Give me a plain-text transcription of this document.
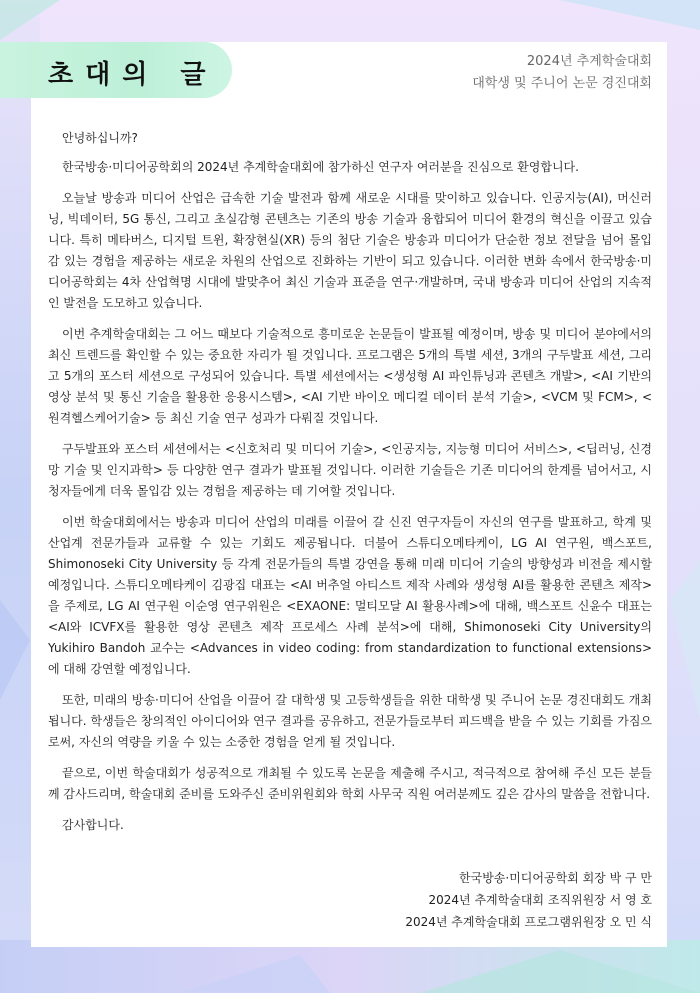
초대의 글	2024년 추계학술대회
대학생 및 주니어 논문 경진대회

안녕하십니까?

한국방송·미디어공학회의 2024년 추계학술대회에 참가하신 연구자 여러분을 진심으로 환영합니다.

오늘날 방송과 미디어 산업은 급속한 기술 발전과 함께 새로운 시대를 맞이하고 있습니다. 인공지능(AI), 머신러닝, 빅데이터, 5G 통신, 그리고 초실감형 콘텐츠는 기존의 방송 기술과 융합되어 미디어 환경의 혁신을 이끌고 있습니다. 특히 메타버스, 디지털 트윈, 확장현실(XR) 등의 첨단 기술은 방송과 미디어가 단순한 정보 전달을 넘어 몰입감 있는 경험을 제공하는 새로운 차원의 산업으로 진화하는 기반이 되고 있습니다. 이러한 변화 속에서 한국방송·미디어공학회는 4차 산업혁명 시대에 발맞추어 최신 기술과 표준을 연구·개발하며, 국내 방송과 미디어 산업의 지속적인 발전을 도모하고 있습니다.

이번 추계학술대회는 그 어느 때보다 기술적으로 흥미로운 논문들이 발표될 예정이며, 방송 및 미디어 분야에서의 최신 트렌드를 확인할 수 있는 중요한 자리가 될 것입니다. 프로그램은 5개의 특별 세션, 3개의 구두발표 세션, 그리고 5개의 포스터 세션으로 구성되어 있습니다. 특별 세션에서는 <생성형 AI 파인튜닝과 콘텐츠 개발>, <AI 기반의 영상 분석 및 통신 기술을 활용한 응용시스템>, <AI 기반 바이오 메디컬 데이터 분석 기술>, <VCM 및 FCM>, <원격헬스케어기술> 등 최신 기술 연구 성과가 다뤄질 것입니다.

구두발표와 포스터 세션에서는 <신호처리 및 미디어 기술>, <인공지능, 지능형 미디어 서비스>, <딥러닝, 신경망 기술 및 인지과학> 등 다양한 연구 결과가 발표될 것입니다. 이러한 기술들은 기존 미디어의 한계를 넘어서고, 시청자들에게 더욱 몰입감 있는 경험을 제공하는 데 기여할 것입니다.

이번 학술대회에서는 방송과 미디어 산업의 미래를 이끌어 갈 신진 연구자들이 자신의 연구를 발표하고, 학계 및 산업계 전문가들과 교류할 수 있는 기회도 제공됩니다. 더불어 스튜디오메타케이, LG AI 연구원, 백스포트, Shimonoseki City University 등 각계 전문가들의 특별 강연을 통해 미래 미디어 기술의 방향성과 비전을 제시할 예정입니다. 스튜디오메타케이 김광집 대표는 <AI 버추얼 아티스트 제작 사례와 생성형 AI를 활용한 콘텐츠 제작>을 주제로, LG AI 연구원 이순영 연구위원은 <EXAONE: 멀티모달 AI 활용사례>에 대해, 백스포트 신윤수 대표는 <AI와 ICVFX를 활용한 영상 콘텐츠 제작 프로세스 사례 분석>에 대해, Shimonoseki City University의 Yukihiro Bandoh 교수는 <Advances in video coding: from standardization to functional extensions>에 대해 강연할 예정입니다.

또한, 미래의 방송·미디어 산업을 이끌어 갈 대학생 및 고등학생들을 위한 대학생 및 주니어 논문 경진대회도 개최됩니다. 학생들은 창의적인 아이디어와 연구 결과를 공유하고, 전문가들로부터 피드백을 받을 수 있는 기회를 가짐으로써, 자신의 역량을 키울 수 있는 소중한 경험을 얻게 될 것입니다.

끝으로, 이번 학술대회가 성공적으로 개최될 수 있도록 논문을 제출해 주시고, 적극적으로 참여해 주신 모든 분들께 감사드리며, 학술대회 준비를 도와주신 준비위원회와 학회 사무국 직원 여러분께도 깊은 감사의 말씀을 전합니다.

감사합니다.

한국방송·미디어공학회 회장 박 구 만
2024년 추계학술대회 조직위원장 서 영 호
2024년 추계학술대회 프로그램위원장 오 민 식
